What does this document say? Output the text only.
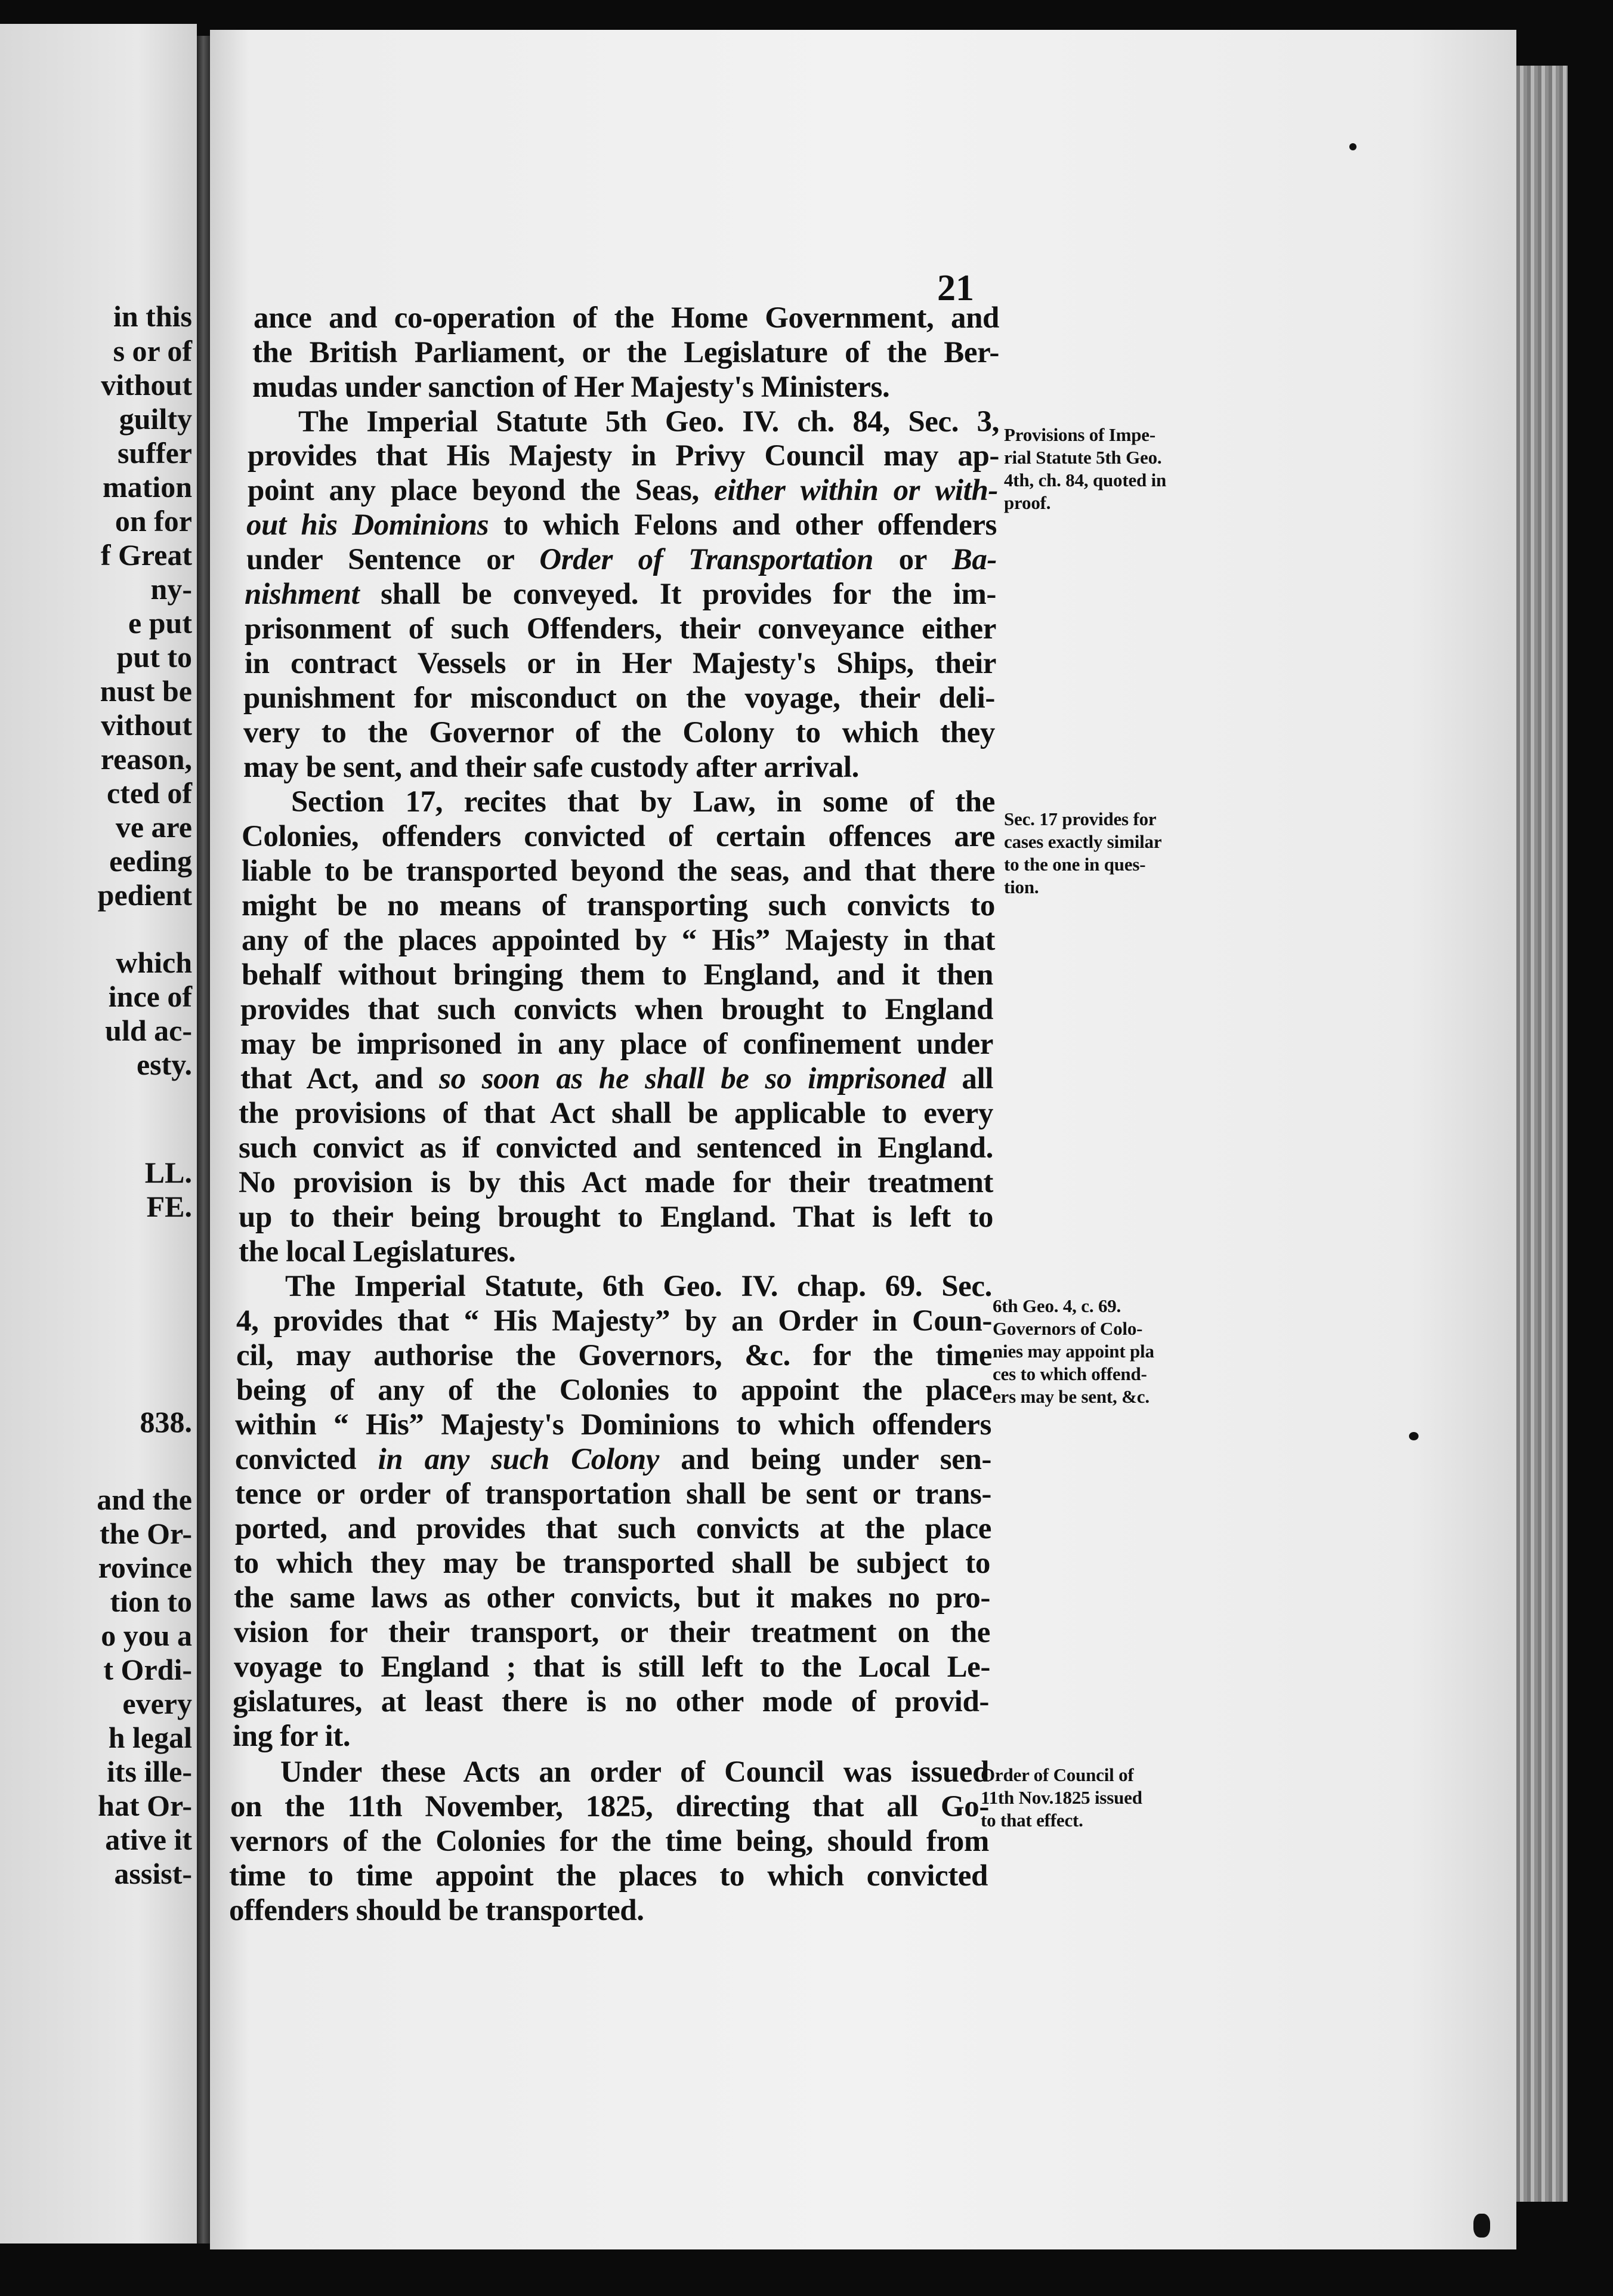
in this
s or of
vithout
guilty
suffer
mation
on for
f Great
ny-
e put
put to
nust be
vithout
reason,
cted of
ve are
eeding
pedient
which
ince of
uld ac-
esty.
LL.
FE.
838.
and the
the Or-
rovince
tion to
o you a
t Ordi-
every
h legal
its ille-
hat Or-
ative it
assist-
21
ance and co-operation of the Home Government, and
the British Parliament, or the Legislature of the Ber-
mudas under sanction of Her Majesty's Ministers.
The Imperial Statute 5th Geo. IV. ch. 84, Sec. 3,
provides that His Majesty in Privy Council may ap-
point any place beyond the Seas, either within or with-
out his Dominions to which Felons and other offenders
under Sentence or Order of Transportation or Ba-
nishment shall be conveyed. It provides for the im-
prisonment of such Offenders, their conveyance either
in contract Vessels or in Her Majesty's Ships, their
punishment for misconduct on the voyage, their deli-
very to the Governor of the Colony to which they
may be sent, and their safe custody after arrival.
Section 17, recites that by Law, in some of the
Colonies, offenders convicted of certain offences are
liable to be transported beyond the seas, and that there
might be no means of transporting such convicts to
any of the places appointed by “ His” Majesty in that
behalf without bringing them to England, and it then
provides that such convicts when brought to England
may be imprisoned in any place of confinement under
that Act, and so soon as he shall be so imprisoned all
the provisions of that Act shall be applicable to every
such convict as if convicted and sentenced in England.
No provision is by this Act made for their treatment
up to their being brought to England. That is left to
the local Legislatures.
The Imperial Statute, 6th Geo. IV. chap. 69. Sec.
4, provides that “ His Majesty” by an Order in Coun-
cil, may authorise the Governors, &c. for the time
being of any of the Colonies to appoint the place
within “ His” Majesty's Dominions to which offenders
convicted in any such Colony and being under sen-
tence or order of transportation shall be sent or trans-
ported, and provides that such convicts at the place
to which they may be transported shall be subject to
the same laws as other convicts, but it makes no pro-
vision for their transport, or their treatment on the
voyage to England ; that is still left to the Local Le-
gislatures, at least there is no other mode of provid-
ing for it.
Under these Acts an order of Council was issued
on the 11th November, 1825, directing that all Go-
vernors of the Colonies for the time being, should from
time to time appoint the places to which convicted
offenders should be transported.
Provisions of Impe-
rial Statute 5th Geo.
4th, ch. 84, quoted in
proof.
Sec. 17 provides for
cases exactly similar
to the one in ques-
tion.
6th Geo. 4, c. 69.
Governors of Colo-
nies may appoint pla
ces to which offend-
ers may be sent, &c.
Order of Council of
11th Nov.1825 issued
to that effect.
